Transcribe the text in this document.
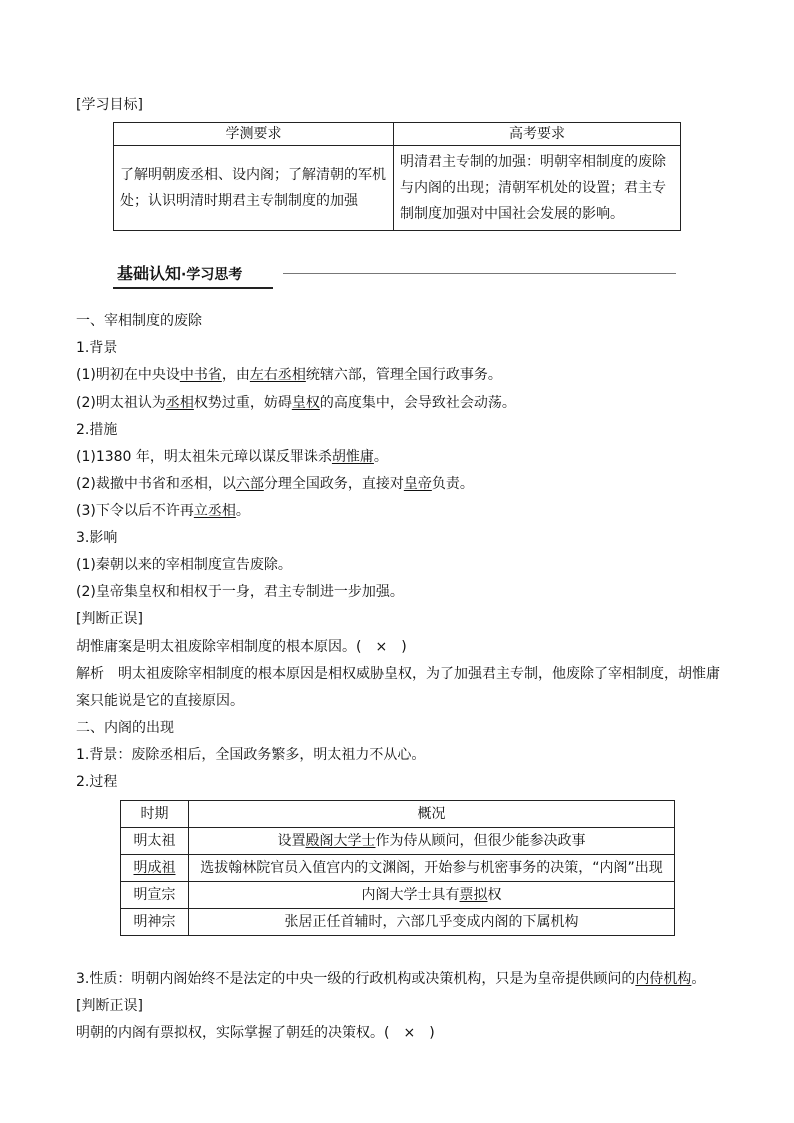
[学习目标]
学测要求	高考要求
了解明朝废丞相、设内阁；了解清朝的军机处；认识明清时期君主专制制度的加强	明清君主专制的加强：明朝宰相制度的废除与内阁的出现；清朝军机处的设置；君主专制制度加强对中国社会发展的影响。
基础认知·学习思考
一、宰相制度的废除
1.背景
(1)明初在中央设中书省，由左右丞相统辖六部，管理全国行政事务。
(2)明太祖认为丞相权势过重，妨碍皇权的高度集中，会导致社会动荡。
2.措施
(1)1380 年，明太祖朱元璋以谋反罪诛杀胡惟庸。
(2)裁撤中书省和丞相，以六部分理全国政务，直接对皇帝负责。
(3)下令以后不许再立丞相。
3.影响
(1)秦朝以来的宰相制度宣告废除。
(2)皇帝集皇权和相权于一身，君主专制进一步加强。
[判断正误]
胡惟庸案是明太祖废除宰相制度的根本原因。(　×　)
解析 明太祖废除宰相制度的根本原因是相权威胁皇权，为了加强君主专制，他废除了宰相制度，胡惟庸
案只能说是它的直接原因。
二、内阁的出现
1.背景：废除丞相后，全国政务繁多，明太祖力不从心。
2.过程
时期	概况
明太祖	设置殿阁大学士作为侍从顾问，但很少能参决政事
明成祖	选拔翰林院官员入值宫内的文渊阁，开始参与机密事务的决策，“内阁”出现
明宣宗	内阁大学士具有票拟权
明神宗	张居正任首辅时，六部几乎变成内阁的下属机构
3.性质：明朝内阁始终不是法定的中央一级的行政机构或决策机构，只是为皇帝提供顾问的内侍机构。
[判断正误]
明朝的内阁有票拟权，实际掌握了朝廷的决策权。(　×　)
